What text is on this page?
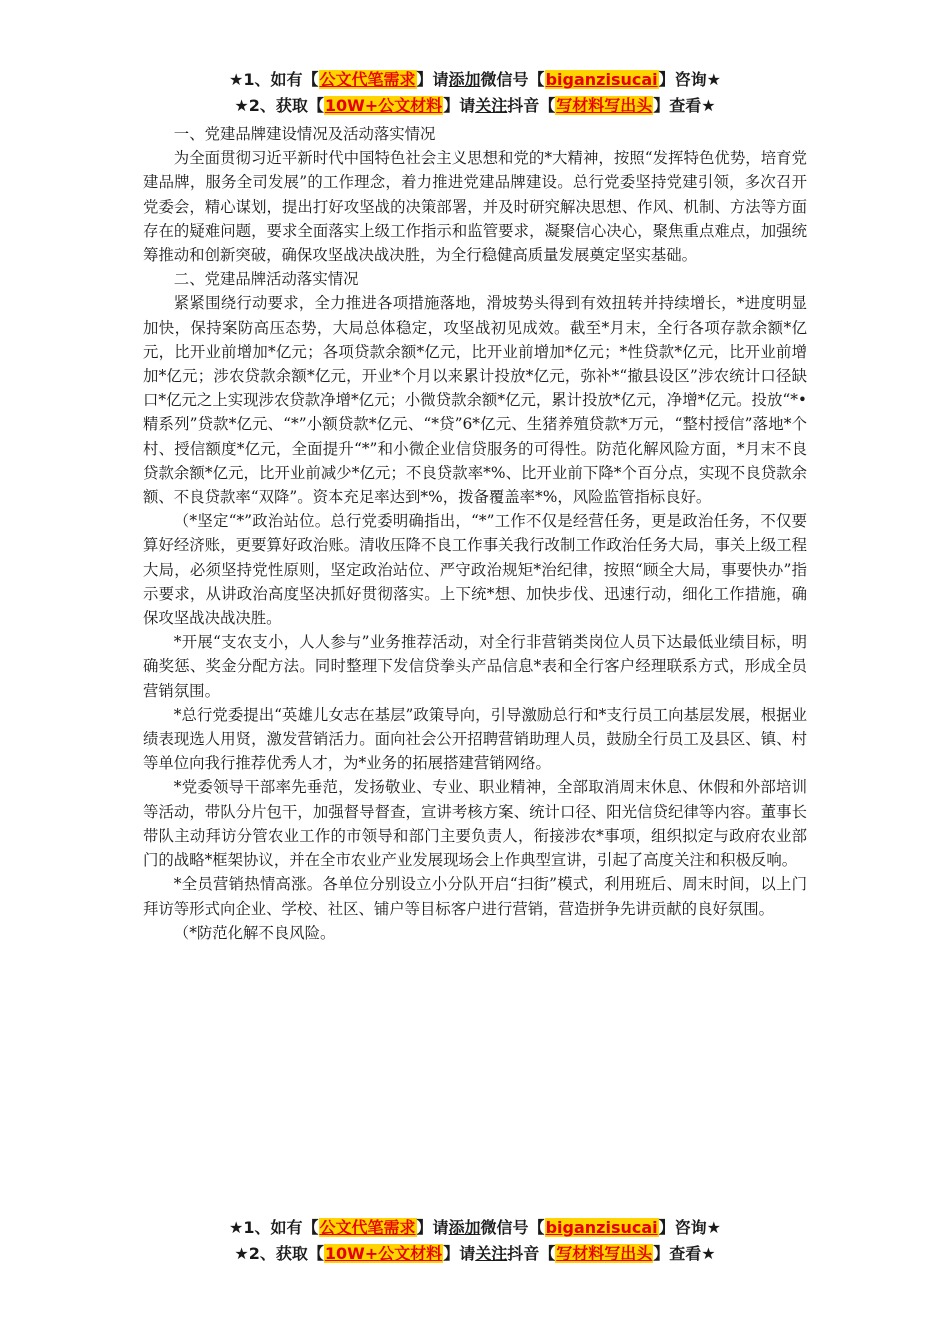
★1、如有【公文代笔需求】请添加微信号【biganzisucai】咨询★
★2、获取【10W+公文材料】请关注抖音【写材料写出头】查看★

一、党建品牌建设情况及活动落实情况

为全面贯彻习近平新时代中国特色社会主义思想和党的*大精神，按照“发挥特色优势，培育党建品牌，服务全司发展”的工作理念，着力推进党建品牌建设。总行党委坚持党建引领，多次召开党委会，精心谋划，提出打好攻坚战的决策部署，并及时研究解决思想、作风、机制、方法等方面存在的疑难问题，要求全面落实上级工作指示和监管要求，凝聚信心决心，聚焦重点难点，加强统筹推动和创新突破，确保攻坚战决战决胜，为全行稳健高质量发展奠定坚实基础。

二、党建品牌活动落实情况

紧紧围绕行动要求，全力推进各项措施落地，滑坡势头得到有效扭转并持续增长，*进度明显加快，保持案防高压态势，大局总体稳定，攻坚战初见成效。截至*月末，全行各项存款余额*亿元，比开业前增加*亿元；各项贷款余额*亿元，比开业前增加*亿元；*性贷款*亿元，比开业前增加*亿元；涉农贷款余额*亿元，开业*个月以来累计投放*亿元，弥补*“撤县设区”涉农统计口径缺口*亿元之上实现涉农贷款净增*亿元；小微贷款余额*亿元，累计投放*亿元，净增*亿元。投放“*•精系列”贷款*亿元、“*”小额贷款*亿元、“*贷”6*亿元、生猪养殖贷款*万元，“整村授信”落地*个村、授信额度*亿元，全面提升“*”和小微企业信贷服务的可得性。防范化解风险方面，*月末不良贷款余额*亿元，比开业前减少*亿元；不良贷款率*%、比开业前下降*个百分点，实现不良贷款余额、不良贷款率“双降”。资本充足率达到*%，拨备覆盖率*%，风险监管指标良好。

（*坚定“*”政治站位。总行党委明确指出，“*”工作不仅是经营任务，更是政治任务，不仅要算好经济账，更要算好政治账。清收压降不良工作事关我行改制工作政治任务大局，事关上级工程大局，必须坚持党性原则，坚定政治站位、严守政治规矩*治纪律，按照“顾全大局，事要快办”指示要求，从讲政治高度坚决抓好贯彻落实。上下统*想、加快步伐、迅速行动，细化工作措施，确保攻坚战决战决胜。

*开展“支农支小，人人参与”业务推荐活动，对全行非营销类岗位人员下达最低业绩目标，明确奖惩、奖金分配方法。同时整理下发信贷拳头产品信息*表和全行客户经理联系方式，形成全员营销氛围。

*总行党委提出“英雄儿女志在基层”政策导向，引导激励总行和*支行员工向基层发展，根据业绩表现选人用贤，激发营销活力。面向社会公开招聘营销助理人员，鼓励全行员工及县区、镇、村等单位向我行推荐优秀人才，为*业务的拓展搭建营销网络。

*党委领导干部率先垂范，发扬敬业、专业、职业精神，全部取消周末休息、休假和外部培训等活动，带队分片包干，加强督导督查，宣讲考核方案、统计口径、阳光信贷纪律等内容。董事长带队主动拜访分管农业工作的市领导和部门主要负责人，衔接涉农*事项，组织拟定与政府农业部门的战略*框架协议，并在全市农业产业发展现场会上作典型宣讲，引起了高度关注和积极反响。

*全员营销热情高涨。各单位分别设立小分队开启“扫街”模式，利用班后、周末时间，以上门拜访等形式向企业、学校、社区、铺户等目标客户进行营销，营造拼争先讲贡献的良好氛围。

（*防范化解不良风险。

★1、如有【公文代笔需求】请添加微信号【biganzisucai】咨询★
★2、获取【10W+公文材料】请关注抖音【写材料写出头】查看★
